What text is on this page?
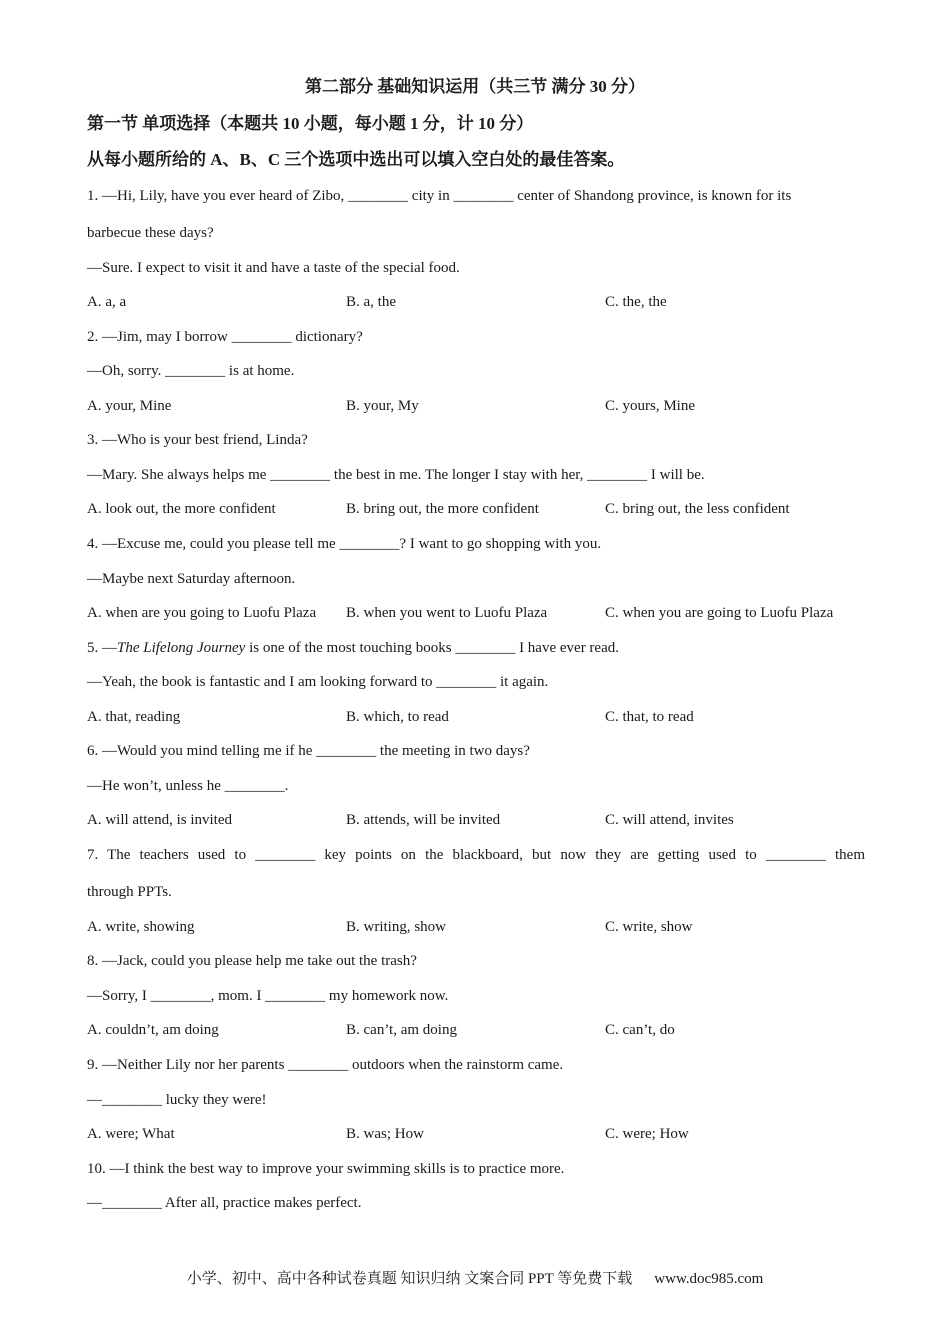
第二部分 基础知识运用（共三节 满分 30 分）
第一节 单项选择（本题共 10 小题，每小题 1 分，计 10 分）
从每小题所给的 A、B、C 三个选项中选出可以填入空白处的最佳答案。
1. —Hi, Lily, have you ever heard of Zibo, ________ city in ________ center of Shandong province, is known for its
barbecue these days?
—Sure. I expect to visit it and have a taste of the special food.
A. a, a	B. a, the	C. the, the
2. —Jim, may I borrow ________ dictionary?
—Oh, sorry. ________ is at home.
A. your, Mine	B. your, My	C. yours, Mine
3. —Who is your best friend, Linda?
—Mary. She always helps me ________ the best in me. The longer I stay with her, ________ I will be.
A. look out, the more confident	B. bring out, the more confident	C. bring out, the less confident
4. —Excuse me, could you please tell me ________? I want to go shopping with you.
—Maybe next Saturday afternoon.
A. when are you going to Luofu Plaza B. when you went to Luofu Plaza	C. when you are going to Luofu Plaza
5. —The Lifelong Journey is one of the most touching books ________ I have ever read.
—Yeah, the book is fantastic and I am looking forward to ________ it again.
A. that, reading	B. which, to read	C. that, to read
6. —Would you mind telling me if he ________ the meeting in two days?
—He won’t, unless he ________.
A. will attend, is invited	B. attends, will be invited	C. will attend, invites
7. The teachers used to ________ key points on the blackboard, but now they are getting used to ________ them
through PPTs.
A. write, showing	B. writing, show	C. write, show
8. —Jack, could you please help me take out the trash?
—Sorry, I ________, mom. I ________ my homework now.
A. couldn’t, am doing	B. can’t, am doing	C. can’t, do
9. —Neither Lily nor her parents ________ outdoors when the rainstorm came.
—________ lucky they were!
A. were; What	B. was; How	C. were; How
10. —I think the best way to improve your swimming skills is to practice more.
—________ After all, practice makes perfect.
小学、初中、高中各种试卷真题 知识归纳 文案合同 PPT 等免费下载 www.doc985.com
